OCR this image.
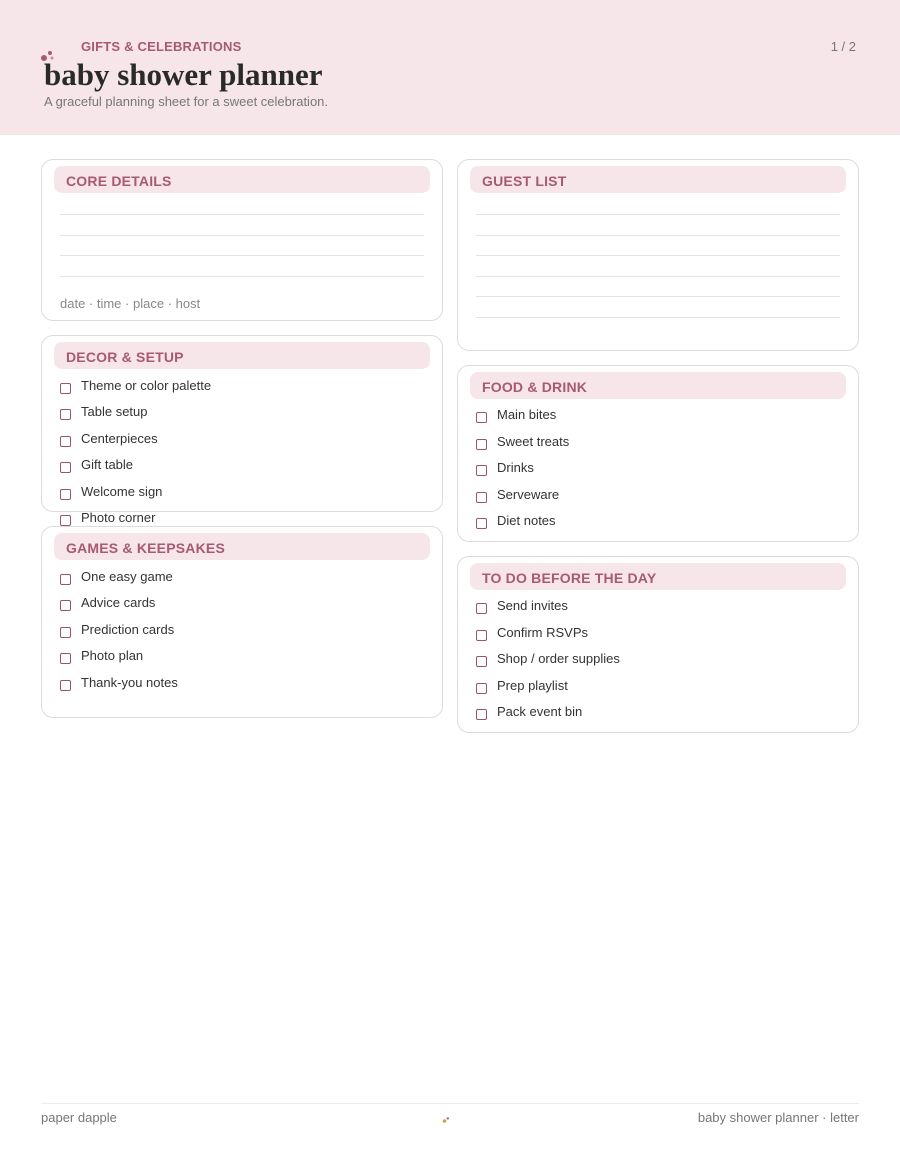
GIFTS & CELEBRATIONS	1 / 2
baby shower planner
A graceful planning sheet for a sweet celebration.
CORE DETAILS
date · time · place · host
GUEST LIST
DECOR & SETUP
Theme or color palette
Table setup
Centerpieces
Gift table
Welcome sign
Photo corner
GAMES & KEEPSAKES
One easy game
Advice cards
Prediction cards
Photo plan
Thank-you notes
FOOD & DRINK
Main bites
Sweet treats
Drinks
Serveware
Diet notes
TO DO BEFORE THE DAY
Send invites
Confirm RSVPs
Shop / order supplies
Prep playlist
Pack event bin
paper dapple	baby shower planner · letter
